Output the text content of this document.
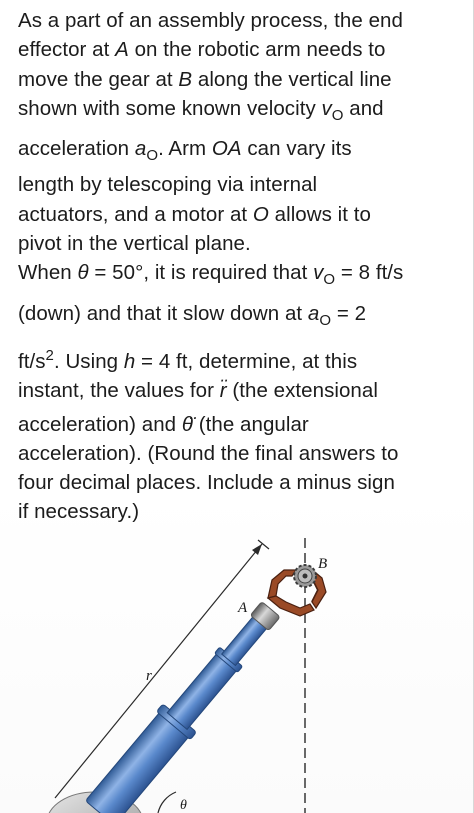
As a part of an assembly process, the end

effector at A on the robotic arm needs to

move the gear at B along the vertical line

shown with some known velocity $v_O$ and

acceleration $a_O$. Arm OA can vary its

length by telescoping via internal

actuators, and a motor at O allows it to

pivot in the vertical plane.

When θ = 50°, it is required that $v_O = 8$ ft/s

(down) and that it slow down at $a_O = 2$

$ft/s^2$. Using h = 4 ft, determine, at this

instant, the values for r̈ (the extensional

acceleration) and θ̈ (the angular

acceleration). (Round the final answers to

four decimal places. Include a minus sign

if necessary.)

B
A
r
θ
